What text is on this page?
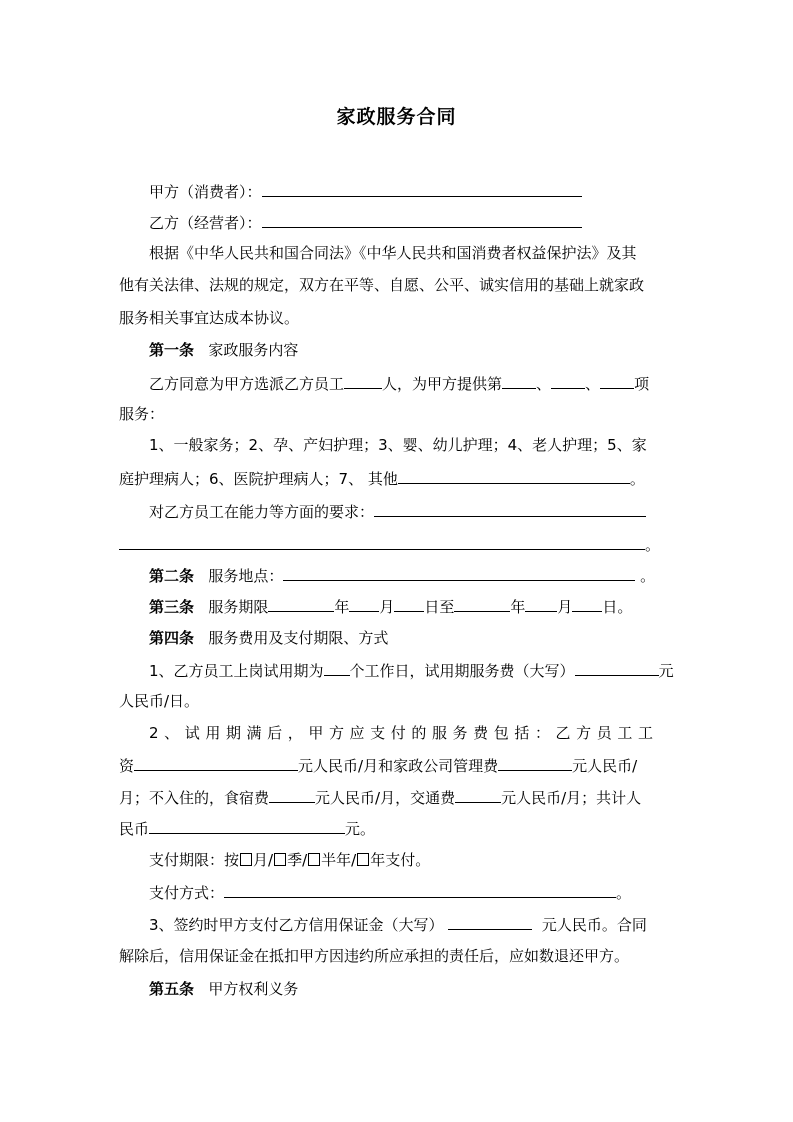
家政服务合同
甲方（消费者）：
乙方（经营者）：
根据《中华人民共和国合同法》《中华人民共和国消费者权益保护法》及其
他有关法律、法规的规定，双方在平等、自愿、公平、诚实信用的基础上就家政
服务相关事宜达成本协议。
第一条 家政服务内容
乙方同意为甲方选派乙方员工	人，为甲方提供第 、 、 项
服务：
1、一般家务；2、孕、产妇护理；3、婴、幼儿护理；4、老人护理；5、家
庭护理病人；6、医院护理病人；7、 其他	。
对乙方员工在能力等方面的要求：
。
第二条 服务地点：	。
第三条 服务期限	年 月 日至	年 月 日。
第四条 服务费用及支付期限、方式
1、乙方员工上岗试用期为 个工作日，试用期服务费（大写）	元
人民币/日。
2、试用期满后，甲方应支付的服务费包括：乙方员工工
资	元人民币/月和家政公司管理费	元人民币/
月；不入住的，食宿费	元人民币/月，交通费	元人民币/月；共计人
民币	元。
支付期限：按 月/ 季/ 半年/ 年支付。
支付方式：	。
3、签约时甲方支付乙方信用保证金（大写）	元人民币。合同
解除后，信用保证金在抵扣甲方因违约所应承担的责任后，应如数退还甲方。
第五条 甲方权利义务
